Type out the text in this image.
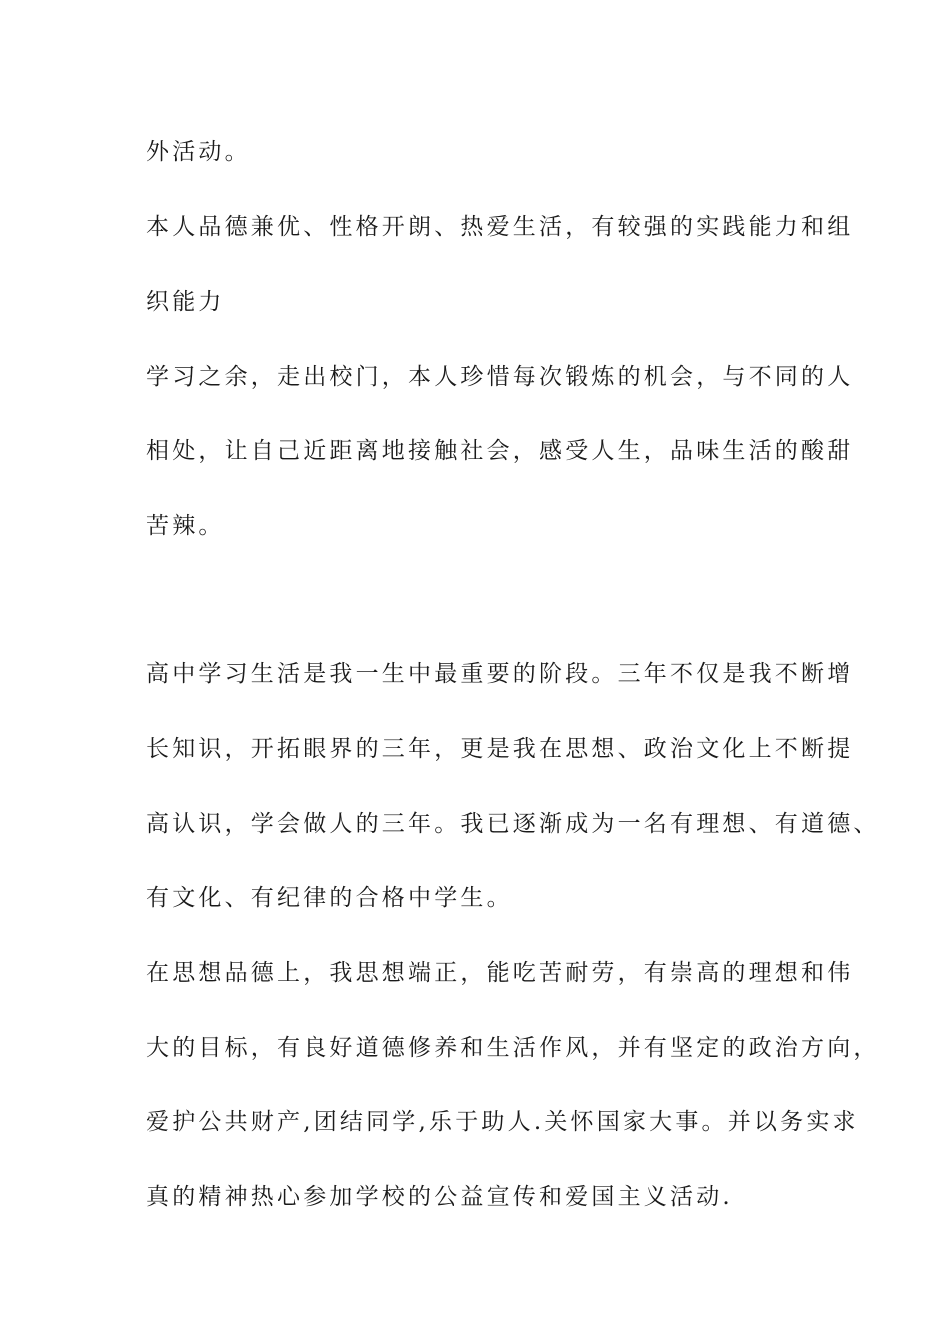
外活动。
本人品德兼优、性格开朗、热爱生活，有较强的实践能力和组
织能力
学习之余，走出校门，本人珍惜每次锻炼的机会，与不同的人
相处，让自己近距离地接触社会，感受人生，品味生活的酸甜
苦辣。
高中学习生活是我一生中最重要的阶段。三年不仅是我不断增
长知识，开拓眼界的三年，更是我在思想、政治文化上不断提
高认识，学会做人的三年。我已逐渐成为一名有理想、有道德、
有文化、有纪律的合格中学生。
在思想品德上，我思想端正，能吃苦耐劳，有崇高的理想和伟
大的目标，有良好道德修养和生活作风，并有坚定的政治方向，
爱护公共财产,团结同学,乐于助人.关怀国家大事。并以务实求
真的精神热心参加学校的公益宣传和爱国主义活动.
